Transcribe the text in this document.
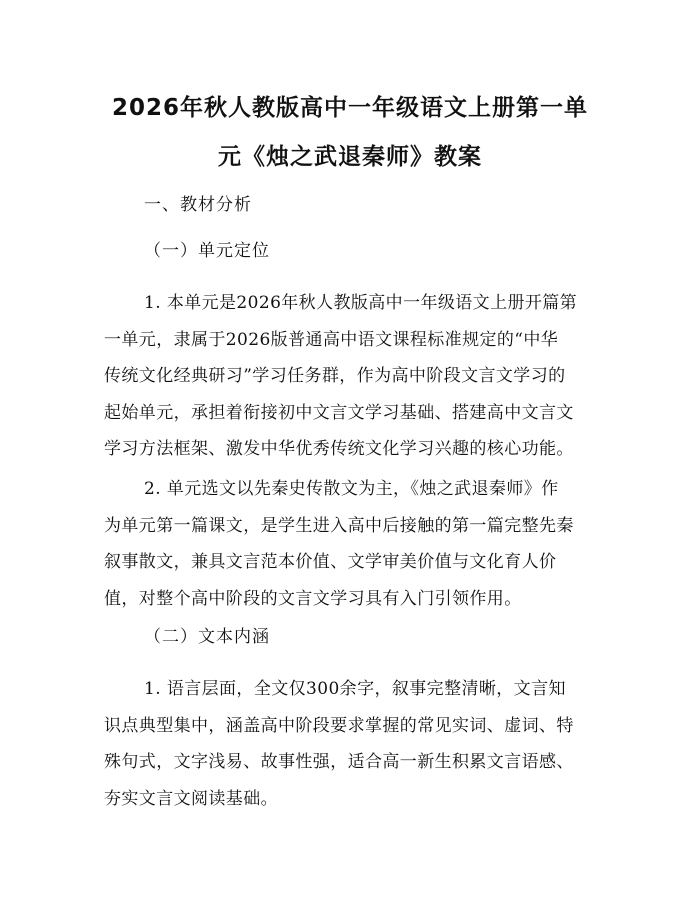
2026年秋人教版高中一年级语文上册第一单
元《烛之武退秦师》教案

一、教材分析

（一）单元定位

1. 本单元是2026年秋人教版高中一年级语文上册开篇第
一单元，隶属于2026版普通高中语文课程标准规定的“中华
传统文化经典研习”学习任务群，作为高中阶段文言文学习的
起始单元，承担着衔接初中文言文学习基础、搭建高中文言文
学习方法框架、激发中华优秀传统文化学习兴趣的核心功能。
2. 单元选文以先秦史传散文为主，《烛之武退秦师》作
为单元第一篇课文，是学生进入高中后接触的第一篇完整先秦
叙事散文，兼具文言范本价值、文学审美价值与文化育人价
值，对整个高中阶段的文言文学习具有入门引领作用。

（二）文本内涵

1. 语言层面，全文仅300余字，叙事完整清晰，文言知
识点典型集中，涵盖高中阶段要求掌握的常见实词、虚词、特
殊句式，文字浅易、故事性强，适合高一新生积累文言语感、
夯实文言文阅读基础。
